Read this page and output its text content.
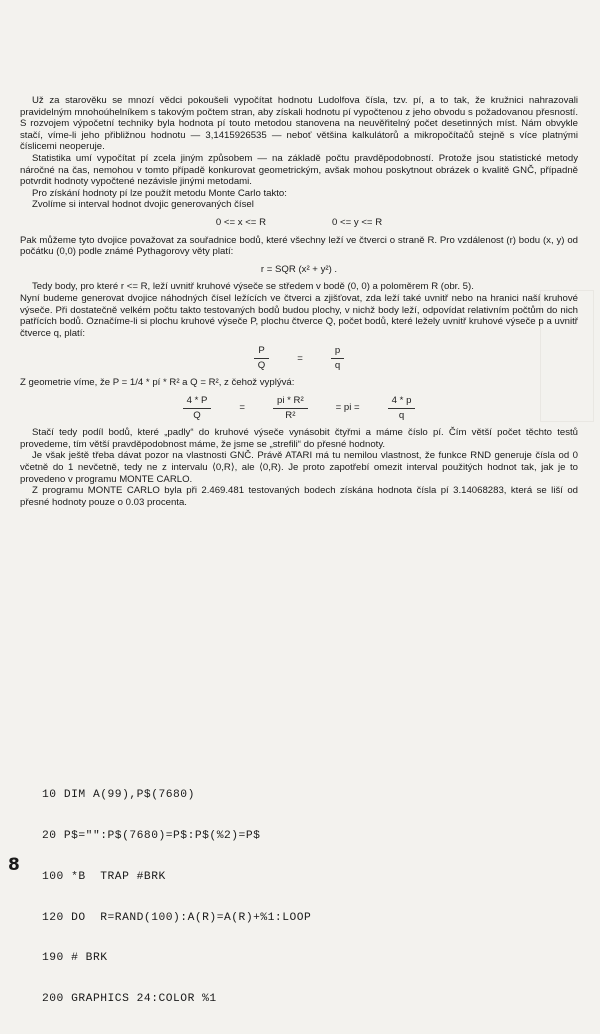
Už za starověku se mnozí vědci pokoušeli vypočítat hodnotu Ludolfova čísla, tzv. pí, a to tak, že kružnici nahrazovali pravidelným mnohoúhelníkem s takovým počtem stran, aby získali hodnotu pí vypočtenou z jeho obvodu s požadovanou přesností. S rozvojem výpočetní techniky byla hodnota pí touto metodou stanovena na neuvěřitelný počet desetinných míst. Nám obvykle stačí, víme-li jeho přibližnou hodnotu — 3,1415926535 — neboť většina kalkulátorů a mikropočítačů stejně s více platnými číslicemi neoperuje.

Statistika umí vypočítat pí zcela jiným způsobem — na základě počtu pravděpodobností. Protože jsou statistické metody náročné na čas, nemohou v tomto případě konkurovat geometrickým, avšak mohou poskytnout obrázek o kvalitě GNČ, případně potvrdit hodnoty vypočtené nezávisle jinými metodami.

Pro získání hodnoty pí lze použít metodu Monte Carlo takto:

Zvolíme si interval hodnot dvojic generovaných čísel

0 <= x <= R	0 <= y <= R

Pak můžeme tyto dvojice považovat za souřadnice bodů, které všechny leží ve čtverci o straně R. Pro vzdálenost (r) bodu (x, y) od počátku (0,0) podle známé Pythagorovy věty platí:

r = SQR (x² + y²) .

Tedy body, pro které r <= R, leží uvnitř kruhové výseče se středem v bodě (0, 0) a poloměrem R (obr. 5).

Nyní budeme generovat dvojice náhodných čísel ležících ve čtverci a zjišťovat, zda leží také uvnitř nebo na hranici naší kruhové výseče. Při dostatečně velkém počtu takto testovaných bodů budou plochy, v nichž body leží, odpovídat relativním počtům do nich patřících bodů. Označíme-li si plochu kruhové výseče P, plochu čtverce Q, počet bodů, které ležely uvnitř kruhové výseče p a uvnitř čtverce q, platí:

$\frac{P}{Q}$	=	$\frac{p}{q}$

Z geometrie víme, že P = 1/4 * pí * R² a Q = R², z čehož vyplývá:

$\frac{4 * P}{Q}$	=	$\frac{\text{pi * R²}}{\text{R²}}$	= pi =	$\frac{4 * p}{q}$

Stačí tedy podíl bodů, které „padly“ do kruhové výseče vynásobit čtyřmi a máme číslo pí. Čím větší počet těchto testů provedeme, tím větší pravděpodobnost máme, že jsme se „strefili“ do přesné hodnoty.

Je však ještě třeba dávat pozor na vlastnosti GNČ. Právě ATARI má tu nemilou vlastnost, že funkce RND generuje čísla od 0 včetně do 1 nevčetně, tedy ne z intervalu ⟨0,R⟩, ale ⟨0,R). Je proto zapotřebí omezit interval použitých hodnot tak, jak je to provedeno v programu MONTE CARLO.

Z programu MONTE CARLO byla při 2.469.481 testovaných bodech získána hodnota čísla pí 3.14068283, která se liší od přesné hodnoty pouze o 0.03 procenta.

10 DIM A(99),P$(7680)

20 P$="":P$(7680)=P$:P$(%2)=P$

100 *B  TRAP #BRK

120 DO  R=RAND(100):A(R)=A(R)+%1:LOOP

190 # BRK

200 GRAPHICS 24:COLOR %1

8
